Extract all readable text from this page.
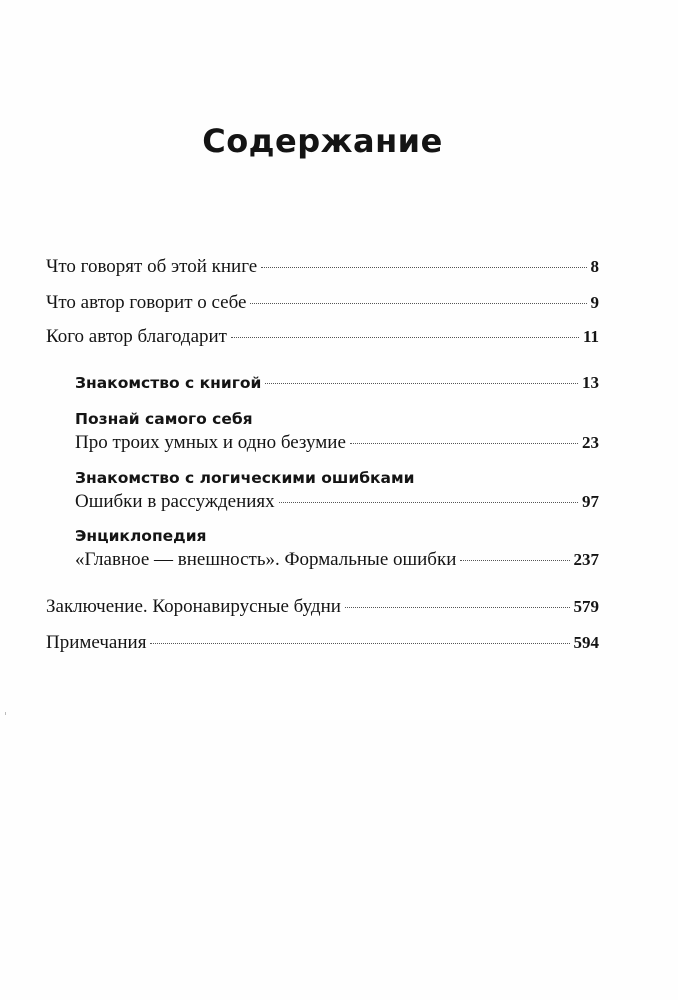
Содержание
Что говорят об этой книге	8
Что автор говорит о себе	9
Кого автор благодарит	11
Знакомство с книгой	13
Познай самого себя
Про троих умных и одно безумие	23
Знакомство с логическими ошибками
Ошибки в рассуждениях	97
Энциклопедия
«Главное — внешность». Формальные ошибки	237
Заключение. Коронавирусные будни	579
Примечания	594
